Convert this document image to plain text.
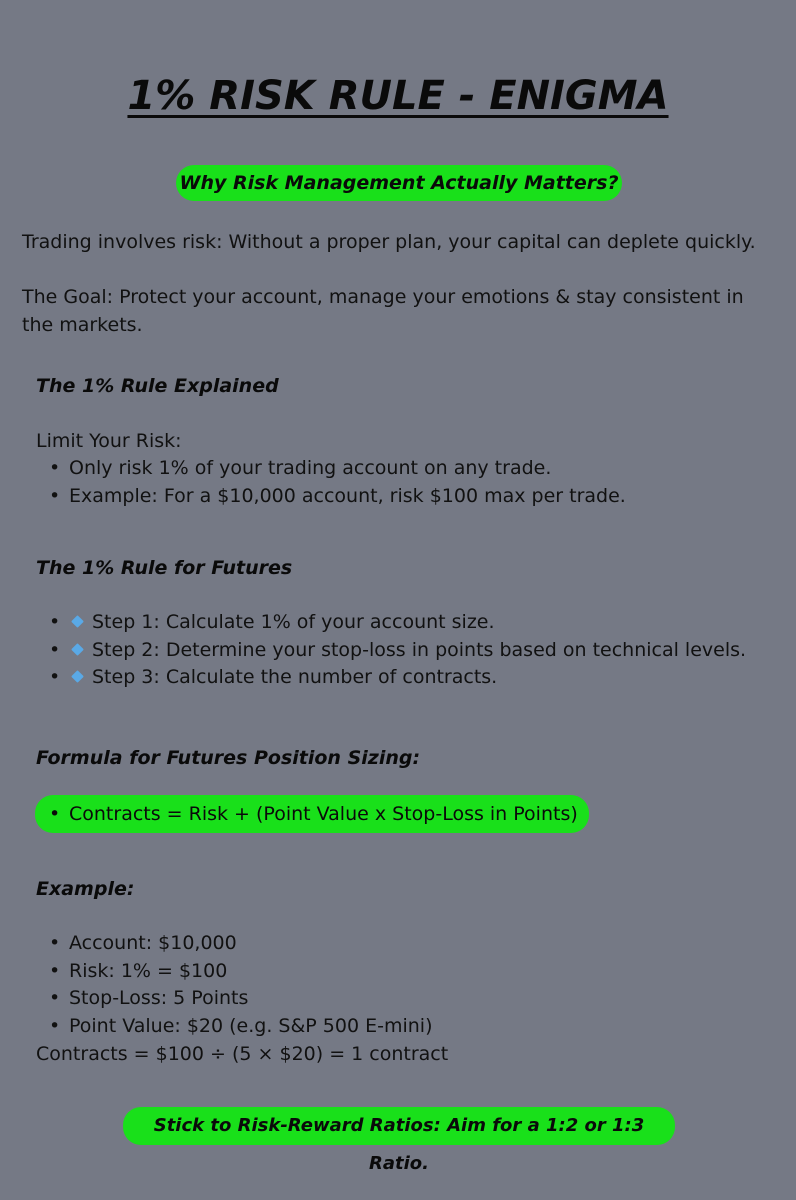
1% RISK RULE - ENIGMA
Why Risk Management Actually Matters?
Trading involves risk: Without a proper plan, your capital can deplete quickly.
The Goal: Protect your account, manage your emotions & stay consistent in the markets.
The 1% Rule Explained
Limit Your Risk:
• Only risk 1% of your trading account on any trade.
• Example: For a $10,000 account, risk $100 max per trade.
The 1% Rule for Futures
• Step 1: Calculate 1% of your account size.
• Step 2: Determine your stop-loss in points based on technical levels.
• Step 3: Calculate the number of contracts.
Formula for Futures Position Sizing:
• Contracts = Risk + (Point Value x Stop-Loss in Points)
Example:
• Account: $10,000
• Risk: 1% = $100
• Stop-Loss: 5 Points
• Point Value: $20 (e.g. S&P 500 E-mini)
Contracts = $100 ÷ (5 × $20) = 1 contract
Stick to Risk-Reward Ratios: Aim for a 1:2 or 1:3 Ratio.
